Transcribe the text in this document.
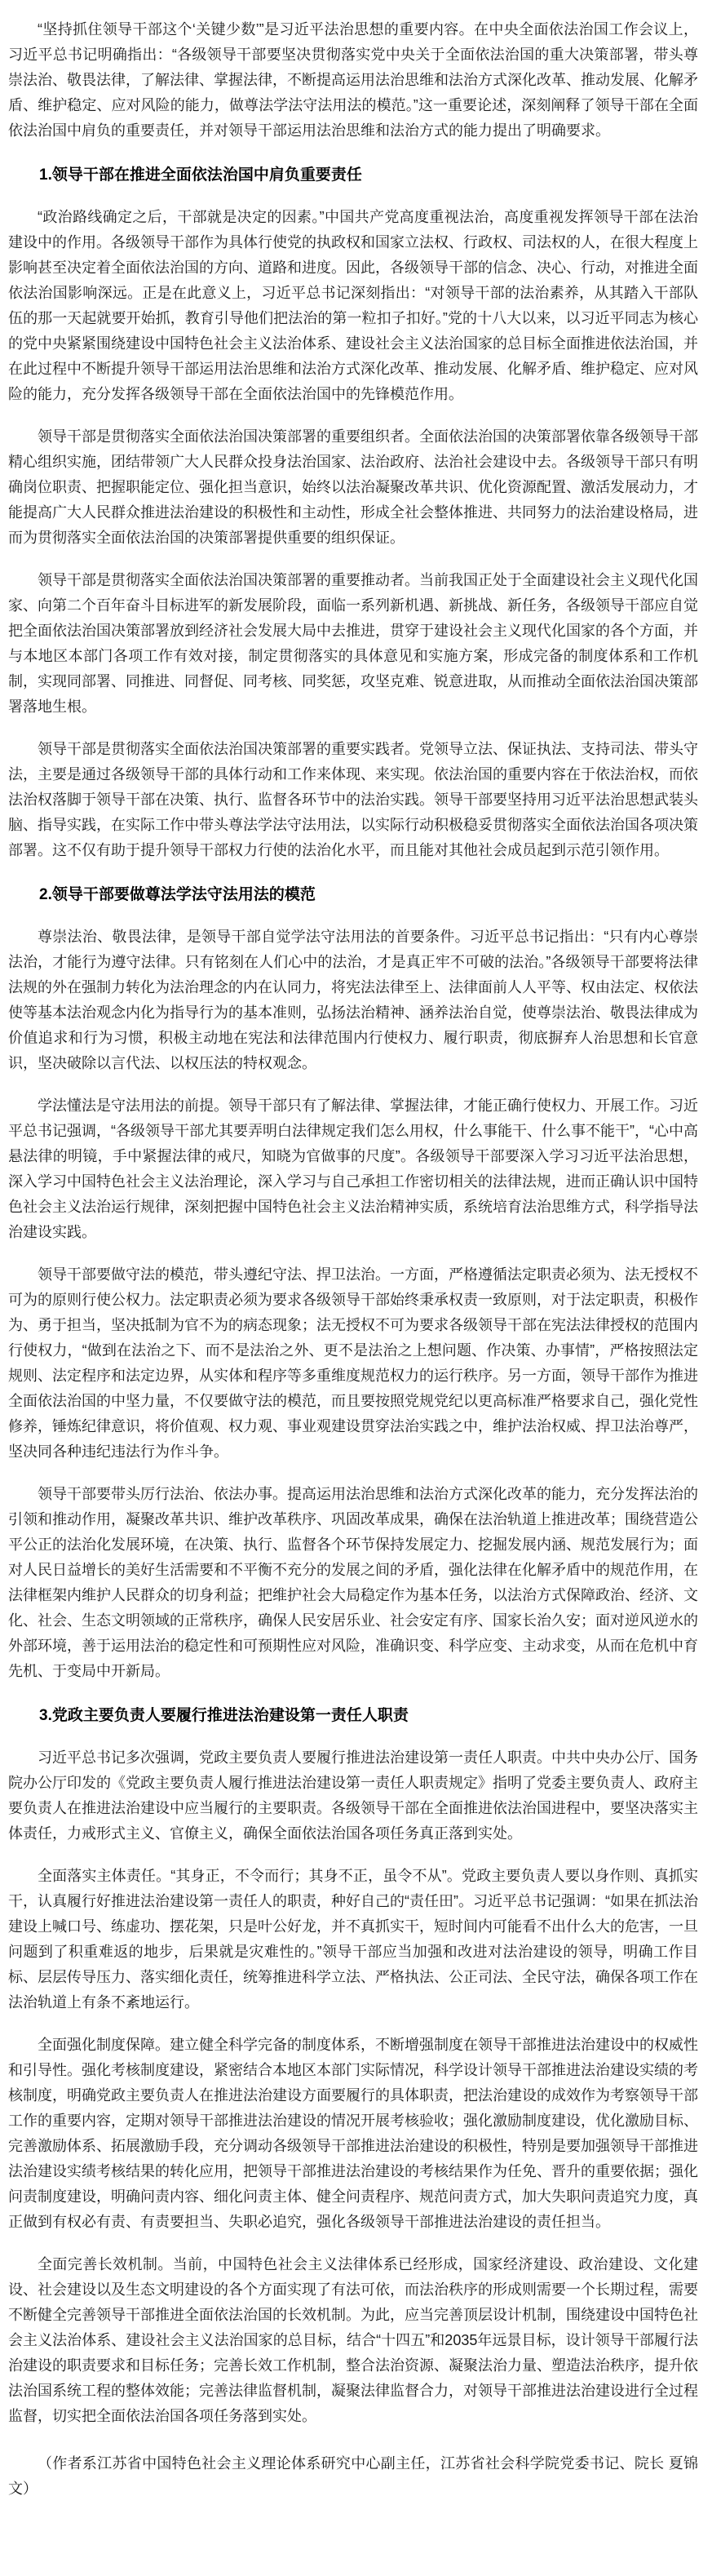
“坚持抓住领导干部这个‘关键少数’”是习近平法治思想的重要内容。在中央全面依法治国工作会议上，习近平总书记明确指出：“各级领导干部要坚决贯彻落实党中央关于全面依法治国的重大决策部署，带头尊崇法治、敬畏法律，了解法律、掌握法律，不断提高运用法治思维和法治方式深化改革、推动发展、化解矛盾、维护稳定、应对风险的能力，做尊法学法守法用法的模范。”这一重要论述，深刻阐释了领导干部在全面依法治国中肩负的重要责任，并对领导干部运用法治思维和法治方式的能力提出了明确要求。

1.领导干部在推进全面依法治国中肩负重要责任

“政治路线确定之后，干部就是决定的因素。”中国共产党高度重视法治，高度重视发挥领导干部在法治建设中的作用。各级领导干部作为具体行使党的执政权和国家立法权、行政权、司法权的人，在很大程度上影响甚至决定着全面依法治国的方向、道路和进度。因此，各级领导干部的信念、决心、行动，对推进全面依法治国影响深远。正是在此意义上，习近平总书记深刻指出：“对领导干部的法治素养，从其踏入干部队伍的那一天起就要开始抓，教育引导他们把法治的第一粒扣子扣好。”党的十八大以来，以习近平同志为核心的党中央紧紧围绕建设中国特色社会主义法治体系、建设社会主义法治国家的总目标全面推进依法治国，并在此过程中不断提升领导干部运用法治思维和法治方式深化改革、推动发展、化解矛盾、维护稳定、应对风险的能力，充分发挥各级领导干部在全面依法治国中的先锋模范作用。

领导干部是贯彻落实全面依法治国决策部署的重要组织者。全面依法治国的决策部署依靠各级领导干部精心组织实施，团结带领广大人民群众投身法治国家、法治政府、法治社会建设中去。各级领导干部只有明确岗位职责、把握职能定位、强化担当意识，始终以法治凝聚改革共识、优化资源配置、激活发展动力，才能提高广大人民群众推进法治建设的积极性和主动性，形成全社会整体推进、共同努力的法治建设格局，进而为贯彻落实全面依法治国的决策部署提供重要的组织保证。

领导干部是贯彻落实全面依法治国决策部署的重要推动者。当前我国正处于全面建设社会主义现代化国家、向第二个百年奋斗目标进军的新发展阶段，面临一系列新机遇、新挑战、新任务，各级领导干部应自觉把全面依法治国决策部署放到经济社会发展大局中去推进，贯穿于建设社会主义现代化国家的各个方面，并与本地区本部门各项工作有效对接，制定贯彻落实的具体意见和实施方案，形成完备的制度体系和工作机制，实现同部署、同推进、同督促、同考核、同奖惩，攻坚克难、锐意进取，从而推动全面依法治国决策部署落地生根。

领导干部是贯彻落实全面依法治国决策部署的重要实践者。党领导立法、保证执法、支持司法、带头守法，主要是通过各级领导干部的具体行动和工作来体现、来实现。依法治国的重要内容在于依法治权，而依法治权落脚于领导干部在决策、执行、监督各环节中的法治实践。领导干部要坚持用习近平法治思想武装头脑、指导实践，在实际工作中带头尊法学法守法用法，以实际行动积极稳妥贯彻落实全面依法治国各项决策部署。这不仅有助于提升领导干部权力行使的法治化水平，而且能对其他社会成员起到示范引领作用。

2.领导干部要做尊法学法守法用法的模范

尊崇法治、敬畏法律，是领导干部自觉学法守法用法的首要条件。习近平总书记指出：“只有内心尊崇法治，才能行为遵守法律。只有铭刻在人们心中的法治，才是真正牢不可破的法治。”各级领导干部要将法律法规的外在强制力转化为法治理念的内在认同力，将宪法法律至上、法律面前人人平等、权由法定、权依法使等基本法治观念内化为指导行为的基本准则，弘扬法治精神、涵养法治自觉，使尊崇法治、敬畏法律成为价值追求和行为习惯，积极主动地在宪法和法律范围内行使权力、履行职责，彻底摒弃人治思想和长官意识，坚决破除以言代法、以权压法的特权观念。

学法懂法是守法用法的前提。领导干部只有了解法律、掌握法律，才能正确行使权力、开展工作。习近平总书记强调，“各级领导干部尤其要弄明白法律规定我们怎么用权，什么事能干、什么事不能干”，“心中高悬法律的明镜，手中紧握法律的戒尺，知晓为官做事的尺度”。各级领导干部要深入学习习近平法治思想，深入学习中国特色社会主义法治理论，深入学习与自己承担工作密切相关的法律法规，进而正确认识中国特色社会主义法治运行规律，深刻把握中国特色社会主义法治精神实质，系统培育法治思维方式，科学指导法治建设实践。

领导干部要做守法的模范，带头遵纪守法、捍卫法治。一方面，严格遵循法定职责必须为、法无授权不可为的原则行使公权力。法定职责必须为要求各级领导干部始终秉承权责一致原则，对于法定职责，积极作为、勇于担当，坚决抵制为官不为的病态现象；法无授权不可为要求各级领导干部在宪法法律授权的范围内行使权力，“做到在法治之下、而不是法治之外、更不是法治之上想问题、作决策、办事情”，严格按照法定规则、法定程序和法定边界，从实体和程序等多重维度规范权力的运行秩序。另一方面，领导干部作为推进全面依法治国的中坚力量，不仅要做守法的模范，而且要按照党规党纪以更高标准严格要求自己，强化党性修养，锤炼纪律意识，将价值观、权力观、事业观建设贯穿法治实践之中，维护法治权威、捍卫法治尊严，坚决同各种违纪违法行为作斗争。

领导干部要带头厉行法治、依法办事。提高运用法治思维和法治方式深化改革的能力，充分发挥法治的引领和推动作用，凝聚改革共识、维护改革秩序、巩固改革成果，确保在法治轨道上推进改革；围绕营造公平公正的法治化发展环境，在决策、执行、监督各个环节保持发展定力、挖掘发展内涵、规范发展行为；面对人民日益增长的美好生活需要和不平衡不充分的发展之间的矛盾，强化法律在化解矛盾中的规范作用，在法律框架内维护人民群众的切身利益；把维护社会大局稳定作为基本任务，以法治方式保障政治、经济、文化、社会、生态文明领域的正常秩序，确保人民安居乐业、社会安定有序、国家长治久安；面对逆风逆水的外部环境，善于运用法治的稳定性和可预期性应对风险，准确识变、科学应变、主动求变，从而在危机中育先机、于变局中开新局。

3.党政主要负责人要履行推进法治建设第一责任人职责

习近平总书记多次强调，党政主要负责人要履行推进法治建设第一责任人职责。中共中央办公厅、国务院办公厅印发的《党政主要负责人履行推进法治建设第一责任人职责规定》指明了党委主要负责人、政府主要负责人在推进法治建设中应当履行的主要职责。各级领导干部在全面推进依法治国进程中，要坚决落实主体责任，力戒形式主义、官僚主义，确保全面依法治国各项任务真正落到实处。

全面落实主体责任。“其身正，不令而行；其身不正，虽令不从”。党政主要负责人要以身作则、真抓实干，认真履行好推进法治建设第一责任人的职责，种好自己的“责任田”。习近平总书记强调：“如果在抓法治建设上喊口号、练虚功、摆花架，只是叶公好龙，并不真抓实干，短时间内可能看不出什么大的危害，一旦问题到了积重难返的地步，后果就是灾难性的。”领导干部应当加强和改进对法治建设的领导，明确工作目标、层层传导压力、落实细化责任，统筹推进科学立法、严格执法、公正司法、全民守法，确保各项工作在法治轨道上有条不紊地运行。

全面强化制度保障。建立健全科学完备的制度体系，不断增强制度在领导干部推进法治建设中的权威性和引导性。强化考核制度建设，紧密结合本地区本部门实际情况，科学设计领导干部推进法治建设实绩的考核制度，明确党政主要负责人在推进法治建设方面要履行的具体职责，把法治建设的成效作为考察领导干部工作的重要内容，定期对领导干部推进法治建设的情况开展考核验收；强化激励制度建设，优化激励目标、完善激励体系、拓展激励手段，充分调动各级领导干部推进法治建设的积极性，特别是要加强领导干部推进法治建设实绩考核结果的转化应用，把领导干部推进法治建设的考核结果作为任免、晋升的重要依据；强化问责制度建设，明确问责内容、细化问责主体、健全问责程序、规范问责方式，加大失职问责追究力度，真正做到有权必有责、有责要担当、失职必追究，强化各级领导干部推进法治建设的责任担当。

全面完善长效机制。当前，中国特色社会主义法律体系已经形成，国家经济建设、政治建设、文化建设、社会建设以及生态文明建设的各个方面实现了有法可依，而法治秩序的形成则需要一个长期过程，需要不断健全完善领导干部推进全面依法治国的长效机制。为此，应当完善顶层设计机制，围绕建设中国特色社会主义法治体系、建设社会主义法治国家的总目标，结合“十四五”和2035年远景目标，设计领导干部履行法治建设的职责要求和目标任务；完善长效工作机制，整合法治资源、凝聚法治力量、塑造法治秩序，提升依法治国系统工程的整体效能；完善法律监督机制，凝聚法律监督合力，对领导干部推进法治建设进行全过程监督，切实把全面依法治国各项任务落到实处。

（作者系江苏省中国特色社会主义理论体系研究中心副主任，江苏省社会科学院党委书记、院长 夏锦文）
